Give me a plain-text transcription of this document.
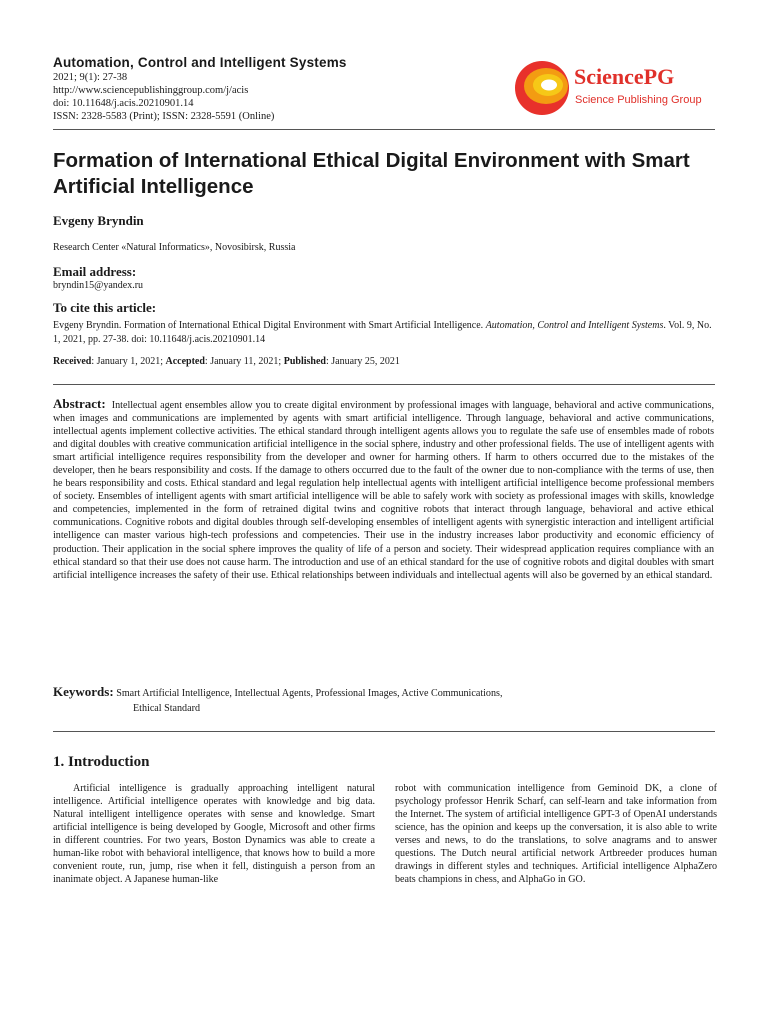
Automation, Control and Intelligent Systems
2021; 9(1): 27-38
http://www.sciencepublishinggroup.com/j/acis
doi: 10.11648/j.acis.20210901.14
ISSN: 2328-5583 (Print); ISSN: 2328-5591 (Online)
SciencePG
Science Publishing Group
Formation of International Ethical Digital Environment with Smart Artificial Intelligence
Evgeny Bryndin
Research Center «Natural Informatics», Novosibirsk, Russia
Email address:
bryndin15@yandex.ru
To cite this article:
Evgeny Bryndin. Formation of International Ethical Digital Environment with Smart Artificial Intelligence. Automation, Control and Intelligent Systems. Vol. 9, No. 1, 2021, pp. 27-38. doi: 10.11648/j.acis.20210901.14
Received: January 1, 2021; Accepted: January 11, 2021; Published: January 25, 2021
Abstract: Intellectual agent ensembles allow you to create digital environment by professional images with language, behavioral and active communications, when images and communications are implemented by agents with smart artificial intelligence. Through language, behavioral and active communications, intellectual agents implement collective activities. The ethical standard through intelligent agents allows you to regulate the safe use of ensembles made of robots and digital doubles with creative communication artificial intelligence in the social sphere, industry and other professional fields. The use of intelligent agents with smart artificial intelligence requires responsibility from the developer and owner for harming others. If harm to others occurred due to the mistakes of the developer, then he bears responsibility and costs. If the damage to others occurred due to the fault of the owner due to non-compliance with the terms of use, then he bears responsibility and costs. Ethical standard and legal regulation help intellectual agents with intelligent artificial intelligence become professional members of society. Ensembles of intelligent agents with smart artificial intelligence will be able to safely work with society as professional images with skills, knowledge and competencies, implemented in the form of retrained digital twins and cognitive robots that interact through language, behavioral and active ethical communications. Cognitive robots and digital doubles through self-developing ensembles of intelligent agents with synergistic interaction and intelligent artificial intelligence can master various high-tech professions and competencies. Their use in the industry increases labor productivity and economic efficiency of production. Their application in the social sphere improves the quality of life of a person and society. Their widespread application requires compliance with an ethical standard so that their use does not cause harm. The introduction and use of an ethical standard for the use of cognitive robots and digital doubles with smart artificial intelligence increases the safety of their use. Ethical relationships between individuals and intellectual agents will also be governed by an ethical standard.
Keywords: Smart Artificial Intelligence, Intellectual Agents, Professional Images, Active Communications,
Ethical Standard
1. Introduction
Artificial intelligence is gradually approaching intelligent natural intelligence. Artificial intelligence operates with knowledge and big data. Natural intelligent intelligence operates with sense and knowledge. Smart artificial intelligence is being developed by Google, Microsoft and other firms in different countries. For two years, Boston Dynamics was able to create a human-like robot with behavioral intelligence, that knows how to build a more convenient route, run, jump, rise when it fell, distinguish a person from an inanimate object. A Japanese human-like
robot with communication intelligence from Geminoid DK, a clone of psychology professor Henrik Scharf, can self-learn and take information from the Internet. The system of artificial intelligence GPT-3 of OpenAI understands science, has the opinion and keeps up the conversation, it is also able to write verses and news, to do the translations, to solve anagrams and to answer questions. The Dutch neural artificial network Artbreeder produces human drawings in different styles and techniques. Artificial intelligence AlphaZero beats champions in chess, and AlphaGo in GO.
